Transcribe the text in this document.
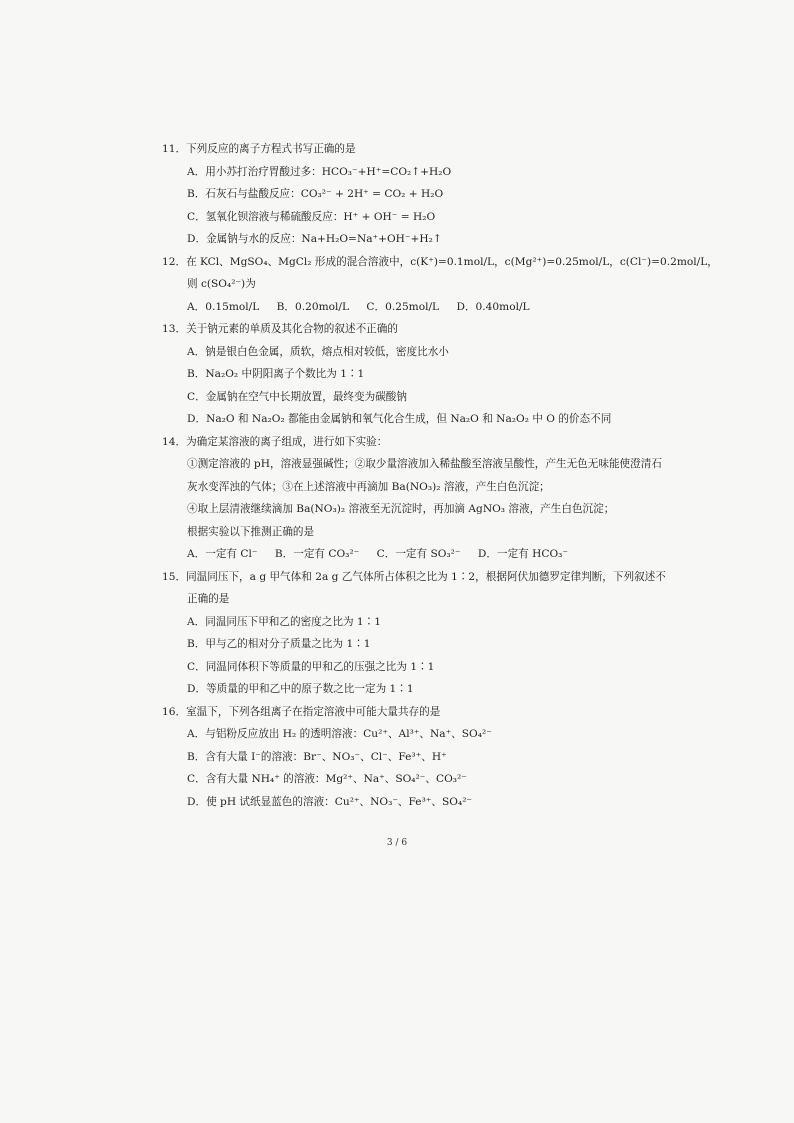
11．下列反应的离子方程式书写正确的是
A．用小苏打治疗胃酸过多：HCO₃⁻+H⁺=CO₂↑+H₂O
B．石灰石与盐酸反应：CO₃²⁻ + 2H⁺ = CO₂ + H₂O
C．氢氧化钡溶液与稀硫酸反应：H⁺ + OH⁻ = H₂O
D．金属钠与水的反应：Na+H₂O=Na⁺+OH⁻+H₂↑
12．在 KCl、MgSO₄、MgCl₂ 形成的混合溶液中，c(K⁺)=0.1mol/L，c(Mg²⁺)=0.25mol/L，c(Cl⁻)=0.2mol/L，
则 c(SO₄²⁻)为
A．0.15mol/L B．0.20mol/L C．0.25mol/L D．0.40mol/L
13．关于钠元素的单质及其化合物的叙述不正确的
A．钠是银白色金属，质软，熔点相对较低，密度比水小
B．Na₂O₂ 中阴阳离子个数比为 1∶1
C．金属钠在空气中长期放置，最终变为碳酸钠
D．Na₂O 和 Na₂O₂ 都能由金属钠和氧气化合生成，但 Na₂O 和 Na₂O₂ 中 O 的价态不同
14．为确定某溶液的离子组成，进行如下实验：
①测定溶液的 pH，溶液显强碱性；②取少量溶液加入稀盐酸至溶液呈酸性，产生无色无味能使澄清石
灰水变浑浊的气体；③在上述溶液中再滴加 Ba(NO₃)₂ 溶液，产生白色沉淀；
④取上层清液继续滴加 Ba(NO₃)₂ 溶液至无沉淀时，再加滴 AgNO₃ 溶液，产生白色沉淀；
根据实验以下推测正确的是
A．一定有 Cl⁻ B．一定有 CO₃²⁻ C．一定有 SO₃²⁻ D．一定有 HCO₃⁻
15．同温同压下，a g 甲气体和 2a g 乙气体所占体积之比为 1∶2，根据阿伏加德罗定律判断，下列叙述不
正确的是
A．同温同压下甲和乙的密度之比为 1∶1
B．甲与乙的相对分子质量之比为 1∶1
C．同温同体积下等质量的甲和乙的压强之比为 1∶1
D．等质量的甲和乙中的原子数之比一定为 1∶1
16．室温下，下列各组离子在指定溶液中可能大量共存的是
A．与铝粉反应放出 H₂ 的透明溶液：Cu²⁺、Al³⁺、Na⁺、SO₄²⁻
B．含有大量 I⁻的溶液：Br⁻、NO₃⁻、Cl⁻、Fe³⁺、H⁺
C．含有大量 NH₄⁺ 的溶液：Mg²⁺、Na⁺、SO₄²⁻、CO₃²⁻
D．使 pH 试纸显蓝色的溶液：Cu²⁺、NO₃⁻、Fe³⁺、SO₄²⁻
3 / 6
